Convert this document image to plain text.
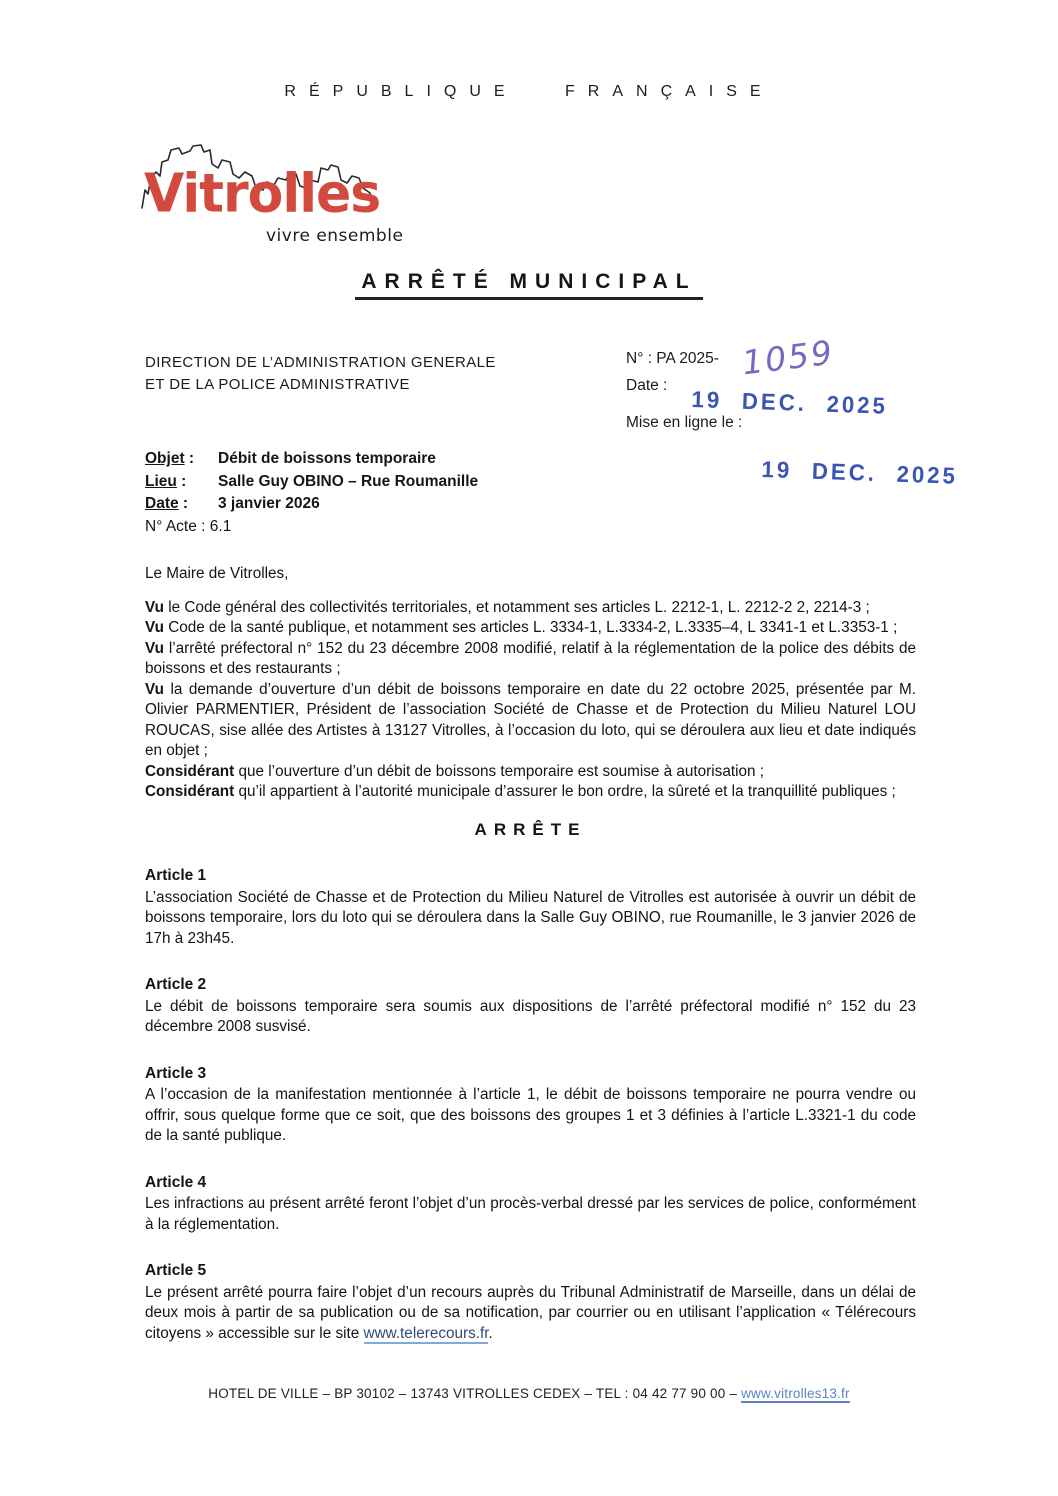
RÉPUBLIQUE FRANÇAISE
Vitrolles
vivre ensemble
ARRÊTÉ MUNICIPAL
DIRECTION DE L’ADMINISTRATION GENERALE
ET DE LA POLICE ADMINISTRATIVE
N° : PA 2025- 1059
Date :
19 DEC. 2025
Mise en ligne le :
19 DEC. 2025
Objet :	Débit de boissons temporaire
Lieu :	Salle Guy OBINO – Rue Roumanille
Date :	3 janvier 2026
N° Acte : 6.1

Le Maire de Vitrolles,

Vu le Code général des collectivités territoriales, et notamment ses articles L. 2212-1, L. 2212-2 2, 2214-3 ;

Vu Code de la santé publique, et notamment ses articles L. 3334-1, L.3334-2, L.3335–4, L 3341-1 et L.3353-1 ;

Vu l’arrêté préfectoral n° 152 du 23 décembre 2008 modifié, relatif à la réglementation de la police des débits de boissons et des restaurants ;

Vu la demande d’ouverture d’un débit de boissons temporaire en date du 22 octobre 2025, présentée par M. Olivier PARMENTIER, Président de l’association Société de Chasse et de Protection du Milieu Naturel LOU ROUCAS, sise allée des Artistes à 13127 Vitrolles, à l’occasion du loto, qui se déroulera aux lieu et date indiqués en objet ;

Considérant que l’ouverture d’un débit de boissons temporaire est soumise à autorisation ;

Considérant qu’il appartient à l’autorité municipale d’assurer le bon ordre, la sûreté et la tranquillité publiques ;

ARRÊTE

Article 1

L’association Société de Chasse et de Protection du Milieu Naturel de Vitrolles est autorisée à ouvrir un débit de boissons temporaire, lors du loto qui se déroulera dans la Salle Guy OBINO, rue Roumanille, le 3 janvier 2026 de 17h à 23h45.

Article 2

Le débit de boissons temporaire sera soumis aux dispositions de l’arrêté préfectoral modifié n° 152 du 23 décembre 2008 susvisé.

Article 3

A l’occasion de la manifestation mentionnée à l’article 1, le débit de boissons temporaire ne pourra vendre ou offrir, sous quelque forme que ce soit, que des boissons des groupes 1 et 3 définies à l’article L.3321-1 du code de la santé publique.

Article 4

Les infractions au présent arrêté feront l’objet d’un procès-verbal dressé par les services de police, conformément à la réglementation.

Article 5

Le présent arrêté pourra faire l’objet d’un recours auprès du Tribunal Administratif de Marseille, dans un délai de deux mois à partir de sa publication ou de sa notification, par courrier ou en utilisant l’application « Télérecours citoyens » accessible sur le site www.telerecours.fr.

HOTEL DE VILLE – BP 30102 – 13743 VITROLLES CEDEX – TEL : 04 42 77 90 00 – www.vitrolles13.fr
